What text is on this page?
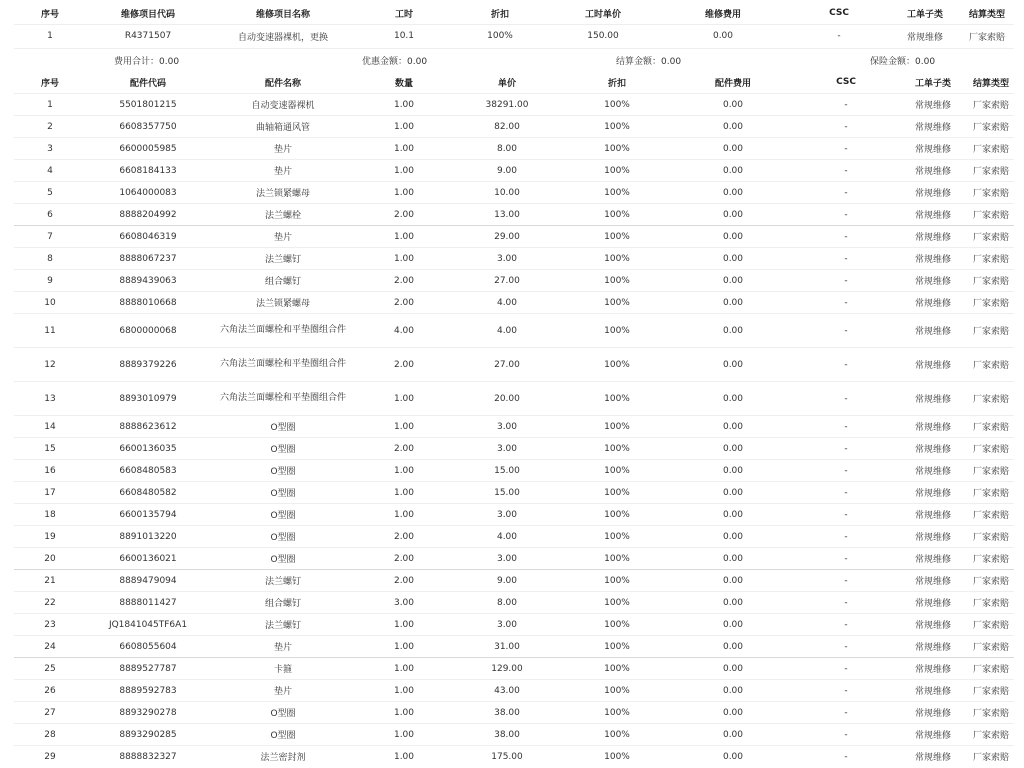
序号	维修项目代码	维修项目名称	工时	折扣	工时单价	维修费用	CSC	工单子类	结算类型
1	R4371507	自动变速器裸机，更换	10.1	100%	150.00	0.00	-	常规维修	厂家索赔
费用合计：0.00	优惠金额：0.00	结算金额：0.00	保险金额：0.00
序号	配件代码	配件名称	数量	单价	折扣	配件费用	CSC	工单子类	结算类型
1	5501801215	自动变速器裸机	1.00	38291.00	100%	0.00	-	常规维修	厂家索赔
2	6608357750	曲轴箱通风管	1.00	82.00	100%	0.00	-	常规维修	厂家索赔
3	6600005985	垫片	1.00	8.00	100%	0.00	-	常规维修	厂家索赔
4	6608184133	垫片	1.00	9.00	100%	0.00	-	常规维修	厂家索赔
5	1064000083	法兰锁紧螺母	1.00	10.00	100%	0.00	-	常规维修	厂家索赔
6	8888204992	法兰螺栓	2.00	13.00	100%	0.00	-	常规维修	厂家索赔
7	6608046319	垫片	1.00	29.00	100%	0.00	-	常规维修	厂家索赔
8	8888067237	法兰螺钉	1.00	3.00	100%	0.00	-	常规维修	厂家索赔
9	8889439063	组合螺钉	2.00	27.00	100%	0.00	-	常规维修	厂家索赔
10	8888010668	法兰锁紧螺母	2.00	4.00	100%	0.00	-	常规维修	厂家索赔
11	6800000068	六角法兰面螺栓和平垫圈组合件	4.00	4.00	100%	0.00	-	常规维修	厂家索赔
12	8889379226	六角法兰面螺栓和平垫圈组合件	2.00	27.00	100%	0.00	-	常规维修	厂家索赔
13	8893010979	六角法兰面螺栓和平垫圈组合件	1.00	20.00	100%	0.00	-	常规维修	厂家索赔
14	8888623612	O型圈	1.00	3.00	100%	0.00	-	常规维修	厂家索赔
15	6600136035	O型圈	2.00	3.00	100%	0.00	-	常规维修	厂家索赔
16	6608480583	O型圈	1.00	15.00	100%	0.00	-	常规维修	厂家索赔
17	6608480582	O型圈	1.00	15.00	100%	0.00	-	常规维修	厂家索赔
18	6600135794	O型圈	1.00	3.00	100%	0.00	-	常规维修	厂家索赔
19	8891013220	O型圈	2.00	4.00	100%	0.00	-	常规维修	厂家索赔
20	6600136021	O型圈	2.00	3.00	100%	0.00	-	常规维修	厂家索赔
21	8889479094	法兰螺钉	2.00	9.00	100%	0.00	-	常规维修	厂家索赔
22	8888011427	组合螺钉	3.00	8.00	100%	0.00	-	常规维修	厂家索赔
23	JQ1841045TF6A1	法兰螺钉	1.00	3.00	100%	0.00	-	常规维修	厂家索赔
24	6608055604	垫片	1.00	31.00	100%	0.00	-	常规维修	厂家索赔
25	8889527787	卡箍	1.00	129.00	100%	0.00	-	常规维修	厂家索赔
26	8889592783	垫片	1.00	43.00	100%	0.00	-	常规维修	厂家索赔
27	8893290278	O型圈	1.00	38.00	100%	0.00	-	常规维修	厂家索赔
28	8893290285	O型圈	1.00	38.00	100%	0.00	-	常规维修	厂家索赔
29	8888832327	法兰密封剂	1.00	175.00	100%	0.00	-	常规维修	厂家索赔
